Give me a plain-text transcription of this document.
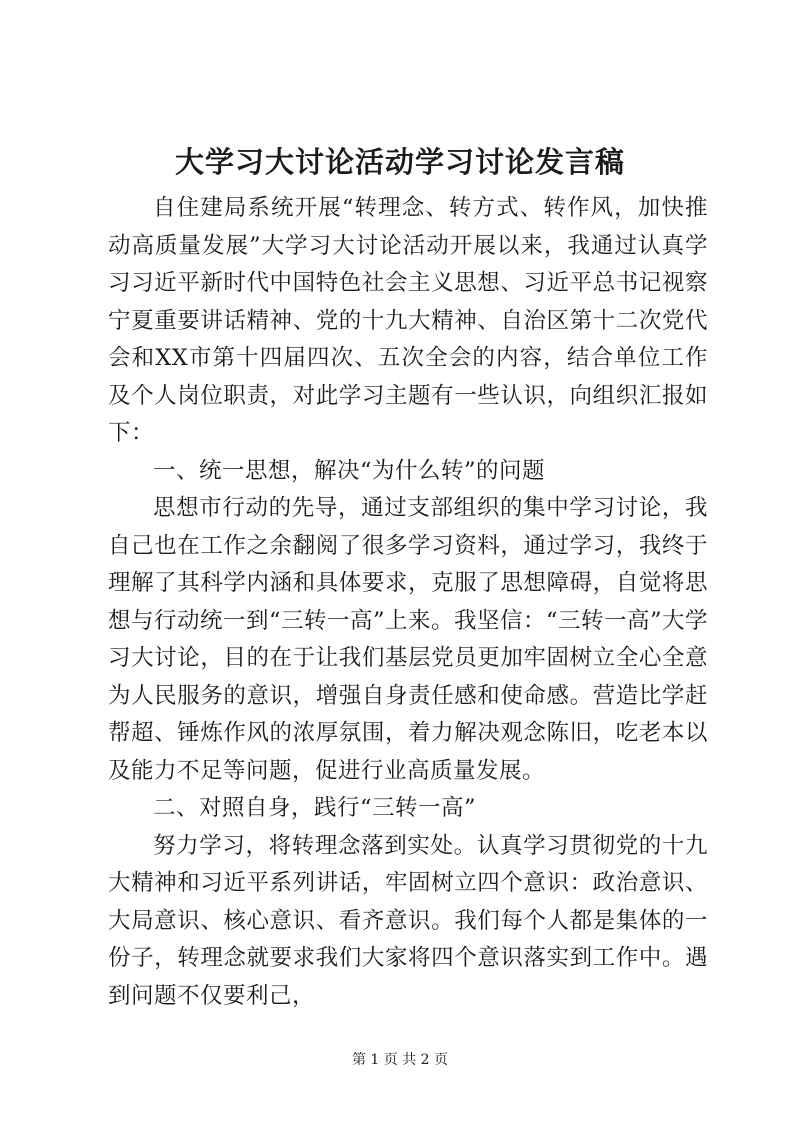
大学习大讨论活动学习讨论发言稿

自住建局系统开展“转理念、转方式、转作风，加快推动高质量发展”大学习大讨论活动开展以来，我通过认真学习习近平新时代中国特色社会主义思想、习近平总书记视察宁夏重要讲话精神、党的十九大精神、自治区第十二次党代会和XX市第十四届四次、五次全会的内容，结合单位工作及个人岗位职责，对此学习主题有一些认识，向组织汇报如下：

一、统一思想，解决“为什么转”的问题

思想市行动的先导，通过支部组织的集中学习讨论，我自己也在工作之余翻阅了很多学习资料，通过学习，我终于理解了其科学内涵和具体要求，克服了思想障碍，自觉将思想与行动统一到“三转一高”上来。我坚信：“三转一高”大学习大讨论，目的在于让我们基层党员更加牢固树立全心全意为人民服务的意识，增强自身责任感和使命感。营造比学赶帮超、锤炼作风的浓厚氛围，着力解决观念陈旧，吃老本以及能力不足等问题，促进行业高质量发展。

二、对照自身，践行“三转一高”

努力学习，将转理念落到实处。认真学习贯彻党的十九大精神和习近平系列讲话，牢固树立四个意识：政治意识、大局意识、核心意识、看齐意识。我们每个人都是集体的一份子，转理念就要求我们大家将四个意识落实到工作中。遇到问题不仅要利己，

第 1 页 共 2 页
